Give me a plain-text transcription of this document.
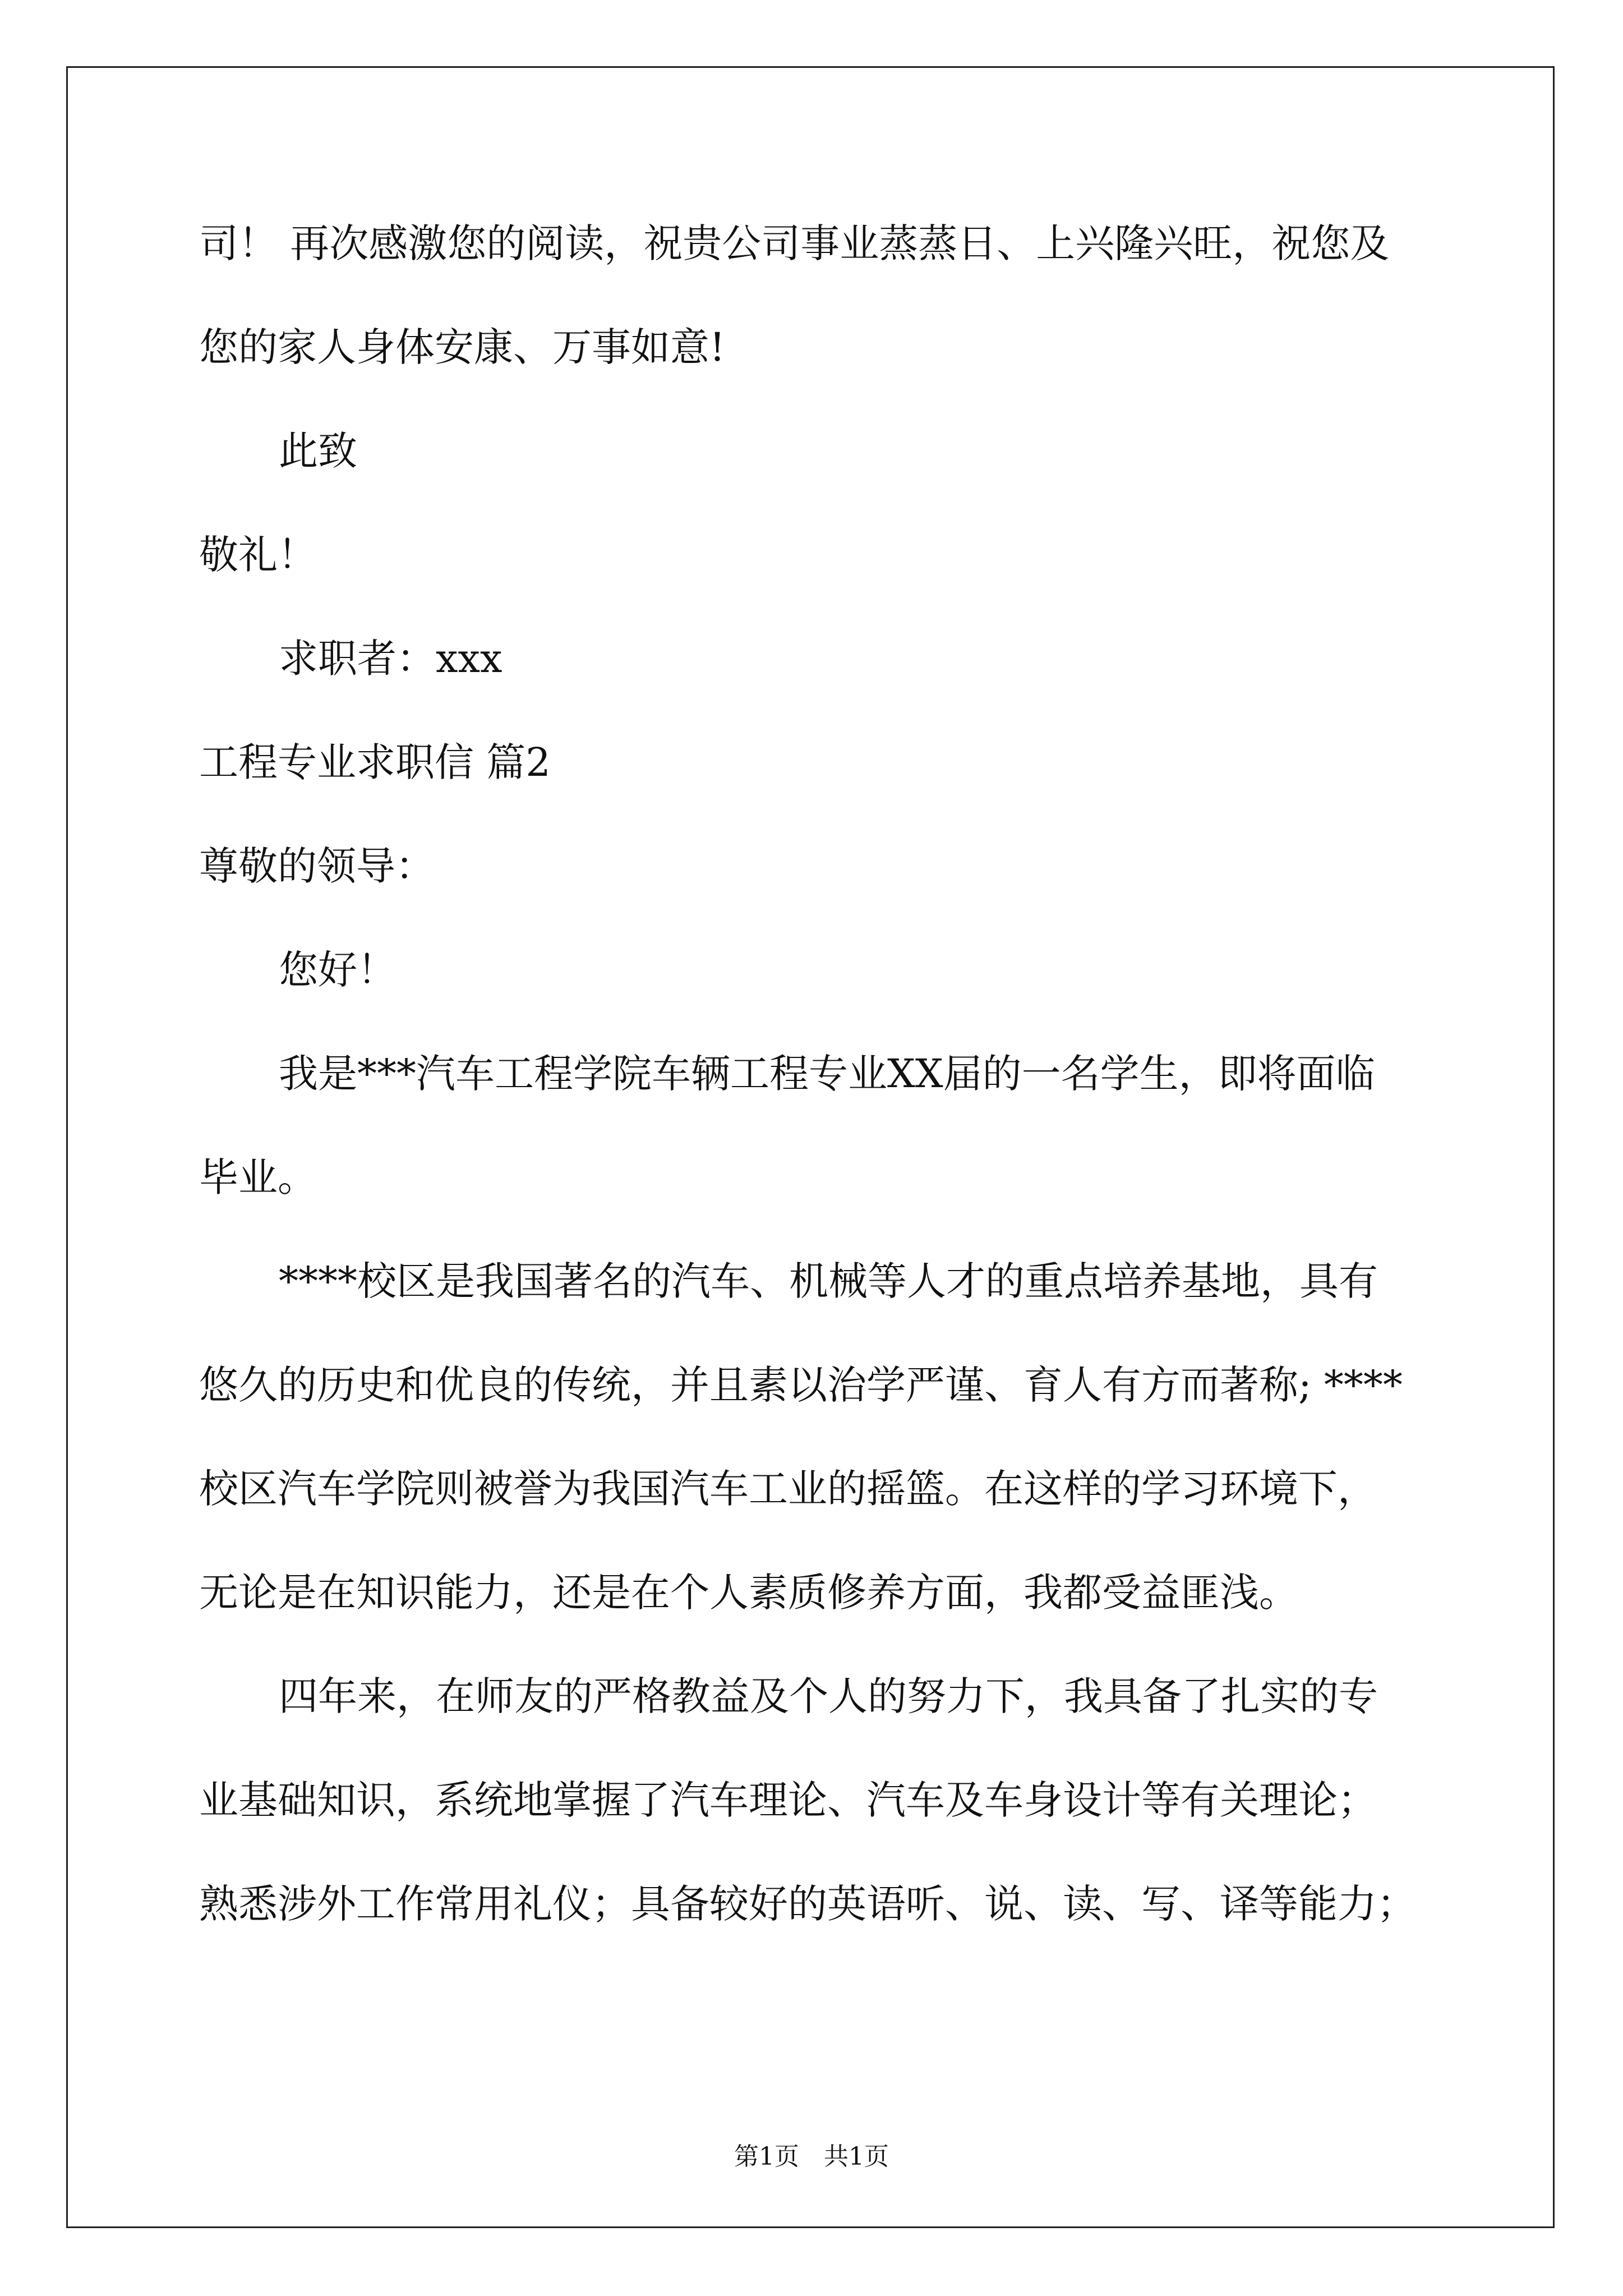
司！ 再次感激您的阅读，祝贵公司事业蒸蒸日、上兴隆兴旺，祝您及
您的家人身体安康、万事如意!
此致
敬礼！
求职者：xxx
工程专业求职信 篇2
尊敬的领导：
您好！
我是***汽车工程学院车辆工程专业XX届的一名学生，即将面临
毕业。
****校区是我国著名的汽车、机械等人才的重点培养基地，具有
悠久的历史和优良的传统，并且素以治学严谨、育人有方而著称; ****
校区汽车学院则被誉为我国汽车工业的摇篮。在这样的学习环境下，
无论是在知识能力，还是在个人素质修养方面，我都受益匪浅。
四年来，在师友的严格教益及个人的努力下，我具备了扎实的专
业基础知识，系统地掌握了汽车理论、汽车及车身设计等有关理论；
熟悉涉外工作常用礼仪；具备较好的英语听、说、读、写、译等能力；
第1页　共1页
